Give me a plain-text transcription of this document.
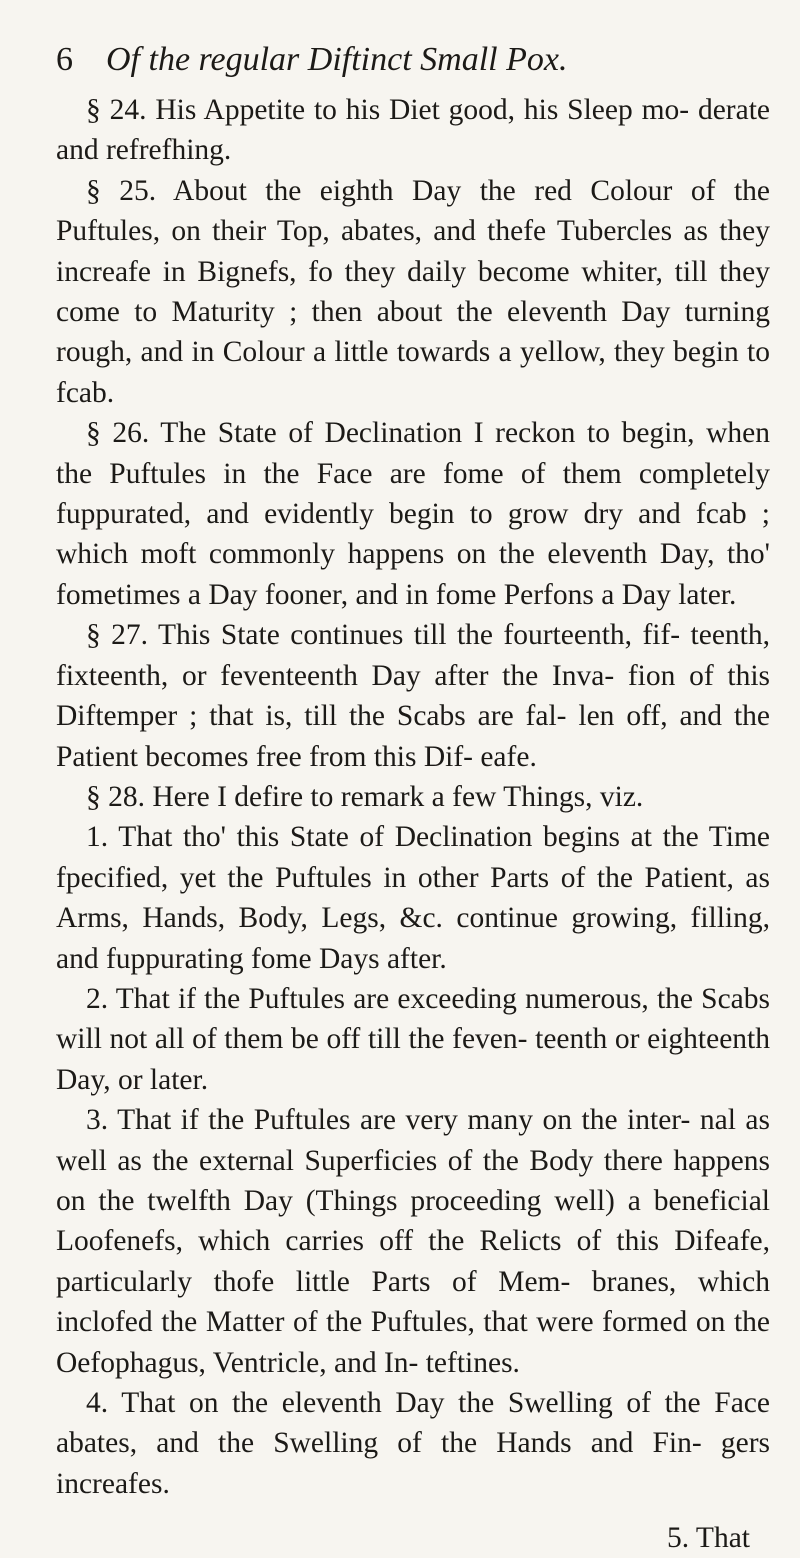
6 Of the regular Diftinct Small Pox.

§ 24. His Appetite to his Diet good, his Sleep mo- derate and refrefhing.

§ 25. About the eighth Day the red Colour of the Puftules, on their Top, abates, and thefe Tubercles as they increafe in Bignefs, fo they daily become whiter, till they come to Maturity ; then about the eleventh Day turning rough, and in Colour a little towards a yellow, they begin to fcab.

§ 26. The State of Declination I reckon to begin, when the Puftules in the Face are fome of them completely fuppurated, and evidently begin to grow dry and fcab ; which moft commonly happens on the eleventh Day, tho' fometimes a Day fooner, and in fome Perfons a Day later.

§ 27. This State continues till the fourteenth, fif- teenth, fixteenth, or feventeenth Day after the Inva- fion of this Diftemper ; that is, till the Scabs are fal- len off, and the Patient becomes free from this Dif- eafe.

§ 28. Here I defire to remark a few Things, viz.

1. That tho' this State of Declination begins at the Time fpecified, yet the Puftules in other Parts of the Patient, as Arms, Hands, Body, Legs, &c. continue growing, filling, and fuppurating fome Days after.

2. That if the Puftules are exceeding numerous, the Scabs will not all of them be off till the feven- teenth or eighteenth Day, or later.

3. That if the Puftules are very many on the inter- nal as well as the external Superficies of the Body there happens on the twelfth Day (Things proceeding well) a beneficial Loofenefs, which carries off the Relicts of this Difeafe, particularly thofe little Parts of Mem- branes, which inclofed the Matter of the Puftules, that were formed on the Oefophagus, Ventricle, and In- teftines.

4. That on the eleventh Day the Swelling of the Face abates, and the Swelling of the Hands and Fin- gers increafes.

5. That
